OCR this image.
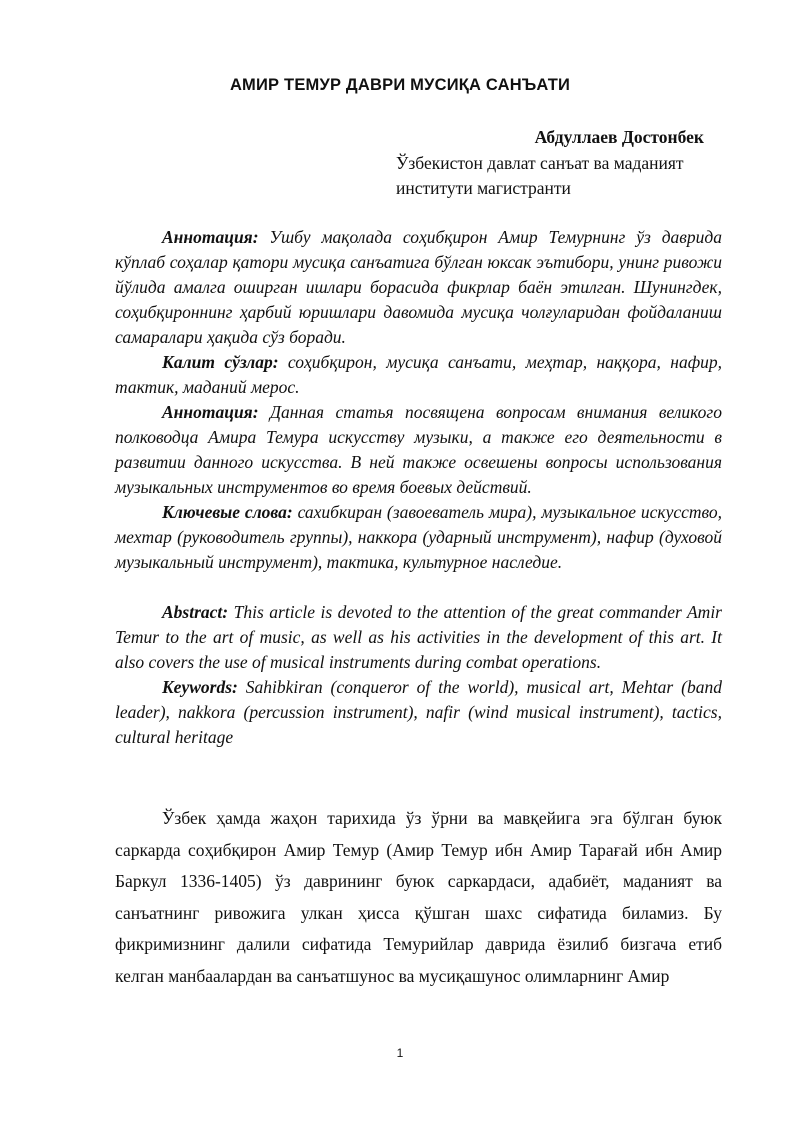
АМИР ТЕМУР ДАВРИ МУСИҚА САНЪАТИ
Абдуллаев Достонбек
Ўзбекистон давлат санъат ва маданият
институти магистранти

Аннотация: Ушбу мақолада соҳибқирон Амир Темурнинг ўз даврида кўплаб соҳалар қатори мусиқа санъатига бўлган юксак эътибори, унинг ривожи йўлида амалга оширган ишлари борасида фикрлар баён этилган. Шунингдек, соҳибқироннинг ҳарбий юришлари давомида мусиқа чолғуларидан фойдаланиш самаралари ҳақида сўз боради.

Калит сўзлар: соҳибқирон, мусиқа санъати, меҳтар, наққора, нафир, тактик, маданий мерос.

Аннотация: Данная статья посвящена вопросам внимания великого полководца Амира Темура искусству музыки, а также его деятельности в развитии данного искусства. В ней также освешены вопросы использования музыкальных инструментов во время боевых действий.

Ключевые слова: сахибкиран (завоеватель мира), музыкальное искусство, мехтар (руководитель группы), наккора (ударный инструмент), нафир (духовой музыкальный инструмент), тактика, культурное наследие.

Abstract: This article is devoted to the attention of the great commander Amir Temur to the art of music, as well as his activities in the development of this art. It also covers the use of musical instruments during combat operations.

Keywords: Sahibkiran (conqueror of the world), musical art, Mehtar (band leader), nakkora (percussion instrument), nafir (wind musical instrument), tactics, cultural heritage

Ўзбек ҳамда жаҳон тарихида ўз ўрни ва мавқейига эга бўлган буюк саркарда соҳибқирон Амир Темур (Амир Темур ибн Амир Тарағай ибн Амир Баркул 1336-1405) ўз даврининг буюк саркардаси, адабиёт, маданият ва санъатнинг ривожига улкан ҳисса қўшган шахс сифатида биламиз. Бу фикримизнинг далили сифатида Темурийлар даврида ёзилиб бизгача етиб келган манбаалардан ва санъатшунос ва мусиқашунос олимларнинг Амир

1
